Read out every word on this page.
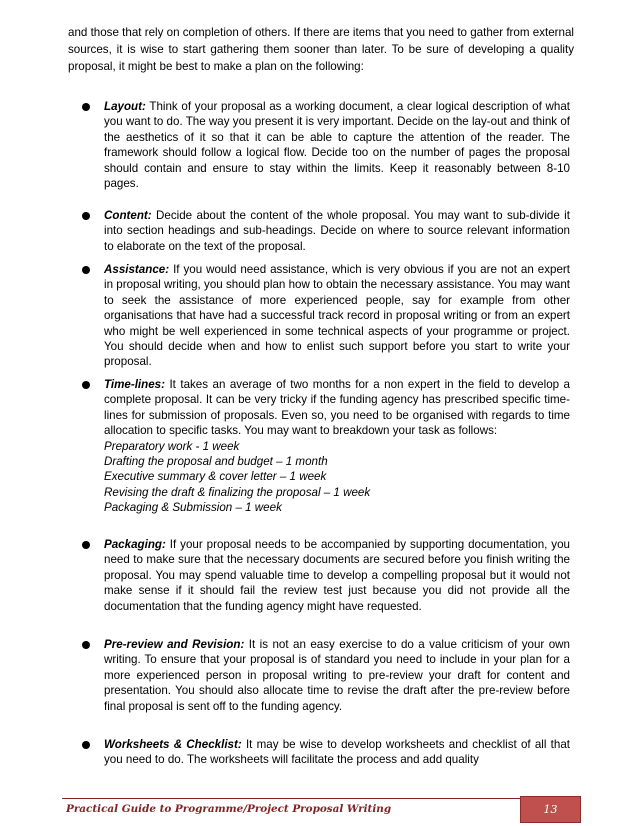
and those that rely on completion of others. If there are items that you need to gather from external sources, it is wise to start gathering them sooner than later. To be sure of developing a quality proposal, it might be best to make a plan on the following:

Layout: Think of your proposal as a working document, a clear logical description of what you want to do. The way you present it is very important. Decide on the lay-out and think of the aesthetics of it so that it can be able to capture the attention of the reader. The framework should follow a logical flow. Decide too on the number of pages the proposal should contain and ensure to stay within the limits. Keep it reasonably between 8-10 pages.
Content: Decide about the content of the whole proposal. You may want to sub-divide it into section headings and sub-headings. Decide on where to source relevant information to elaborate on the text of the proposal.
Assistance: If you would need assistance, which is very obvious if you are not an expert in proposal writing, you should plan how to obtain the necessary assistance. You may want to seek the assistance of more experienced people, say for example from other organisations that have had a successful track record in proposal writing or from an expert who might be well experienced in some technical aspects of your programme or project. You should decide when and how to enlist such support before you start to write your proposal.
Time-lines: It takes an average of two months for a non expert in the field to develop a complete proposal. It can be very tricky if the funding agency has prescribed specific time-lines for submission of proposals. Even so, you need to be organised with regards to time allocation to specific tasks. You may want to breakdown your task as follows:
Preparatory work - 1 week
Drafting the proposal and budget – 1 month
Executive summary & cover letter – 1 week
Revising the draft & finalizing the proposal – 1 week
Packaging & Submission – 1 week
Packaging: If your proposal needs to be accompanied by supporting documentation, you need to make sure that the necessary documents are secured before you finish writing the proposal. You may spend valuable time to develop a compelling proposal but it would not make sense if it should fail the review test just because you did not provide all the documentation that the funding agency might have requested.
Pre-review and Revision: It is not an easy exercise to do a value criticism of your own writing. To ensure that your proposal is of standard you need to include in your plan for a more experienced person in proposal writing to pre-review your draft for content and presentation. You should also allocate time to revise the draft after the pre-review before final proposal is sent off to the funding agency.
Worksheets & Checklist: It may be wise to develop worksheets and checklist of all that you need to do. The worksheets will facilitate the process and add quality
Practical Guide to Programme/Project Proposal Writing	13
